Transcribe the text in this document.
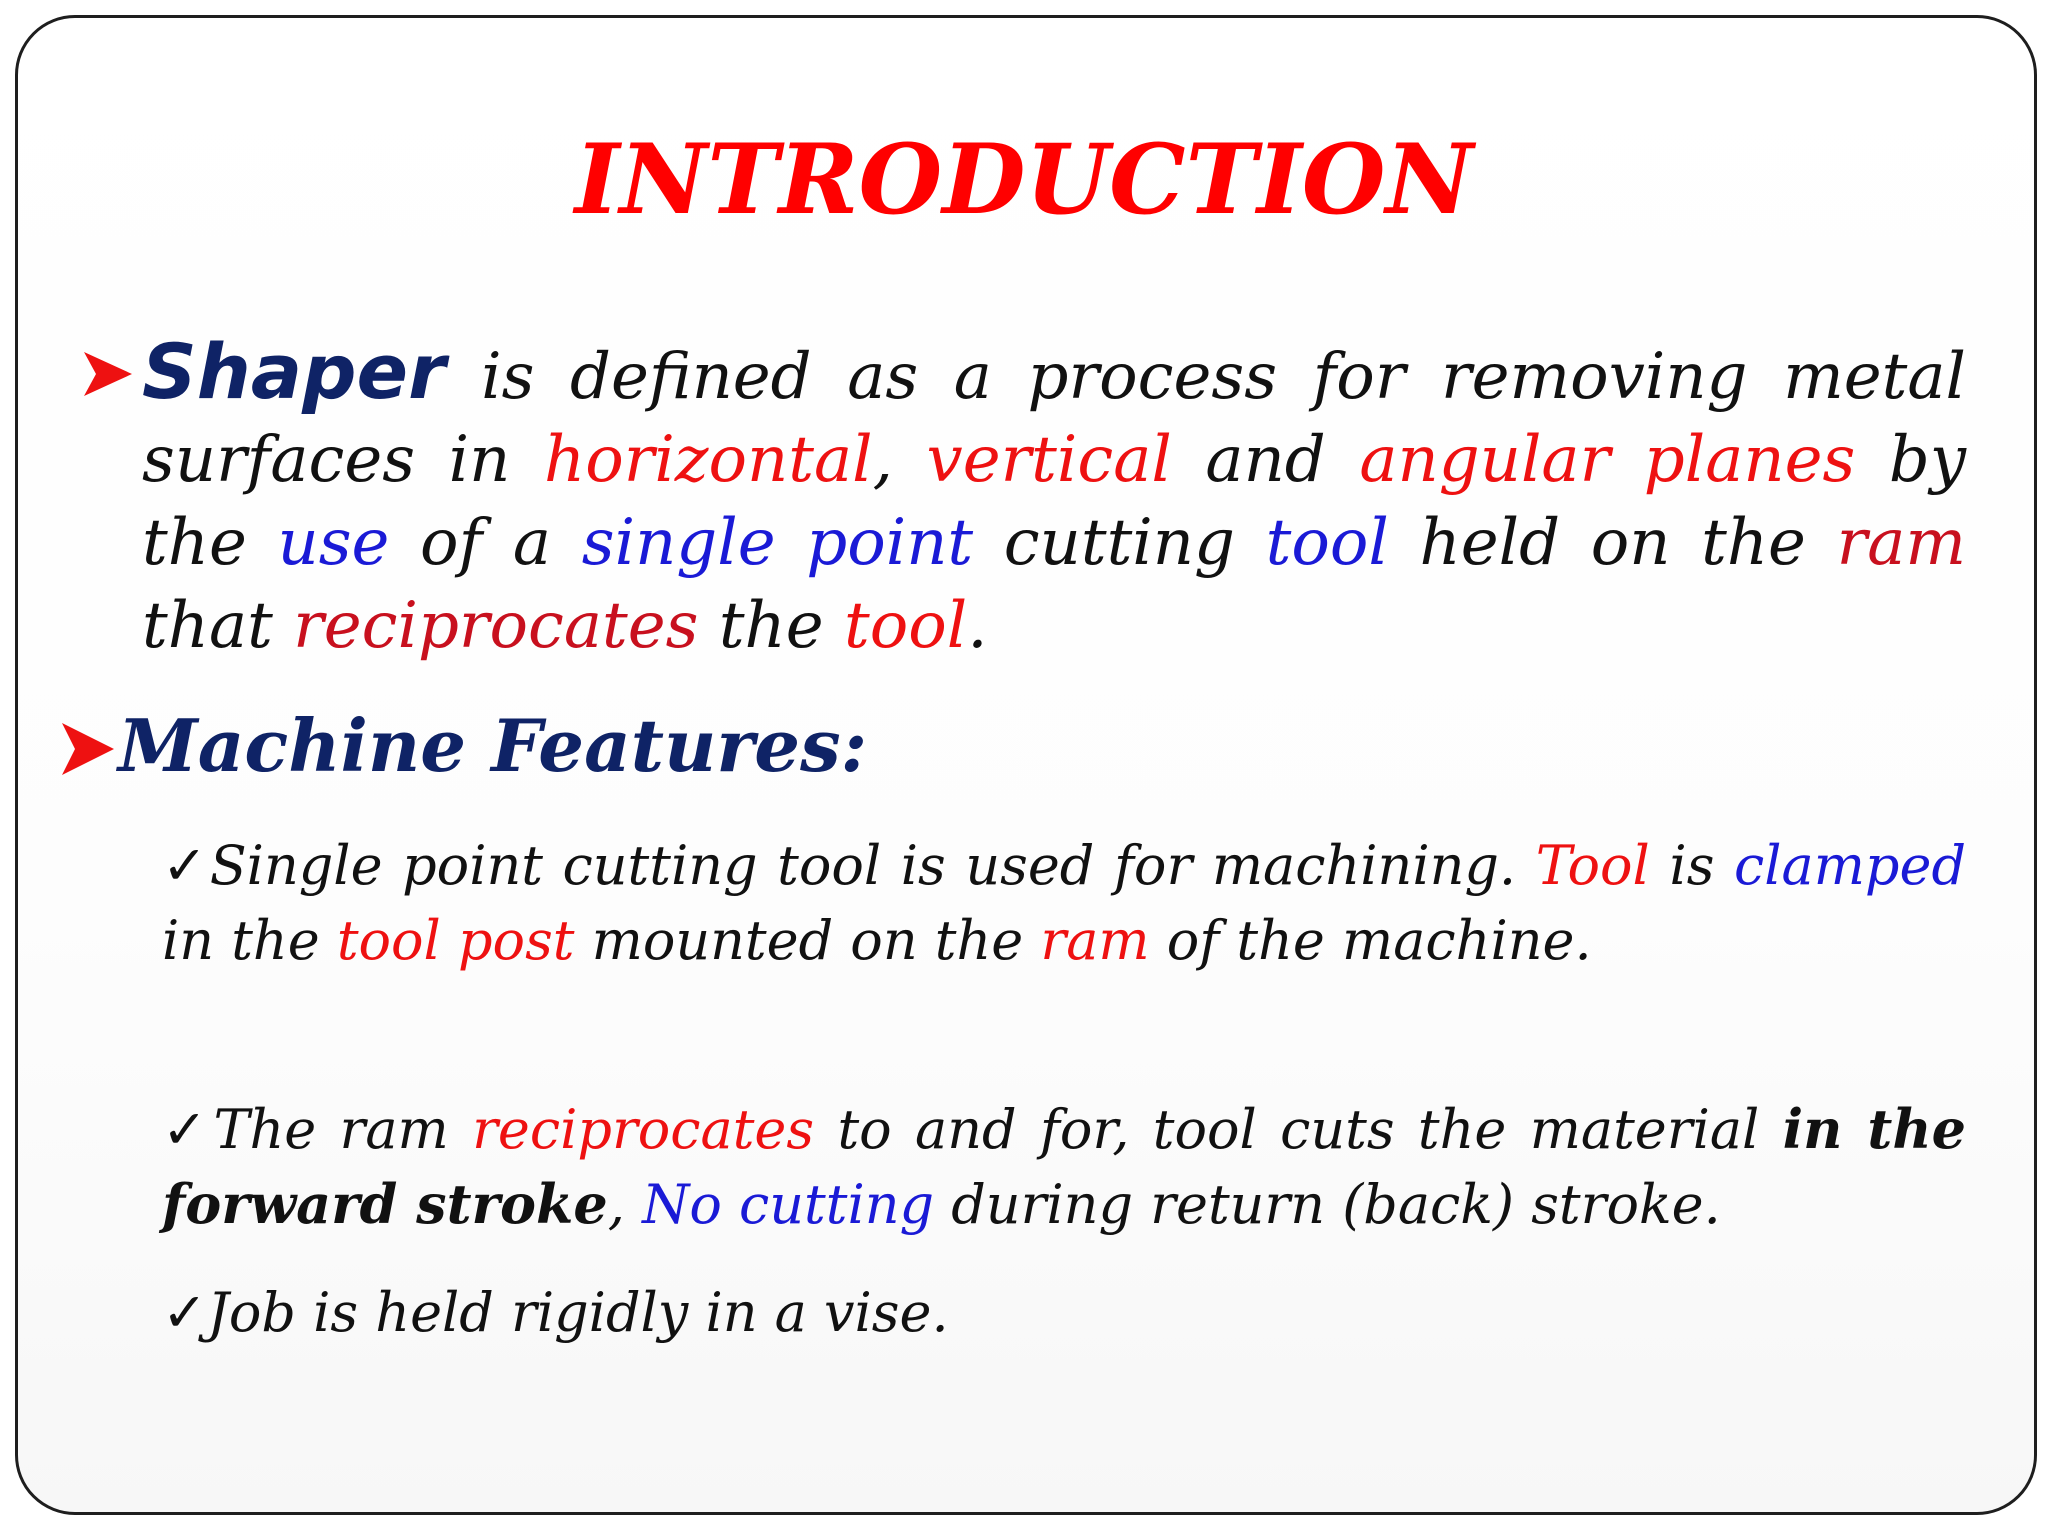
INTRODUCTION

Shaper is defined as a process for removing metal surfaces in horizontal, vertical and angular planes by the use of a single point cutting tool held on the ram that reciprocates the tool.

Machine Features:

✓Single point cutting tool is used for machining. Tool is clamped in the tool post mounted on the ram of the machine.

✓The ram reciprocates to and for, tool cuts the material in the forward stroke, No cutting during return (back) stroke.

✓Job is held rigidly in a vise.
